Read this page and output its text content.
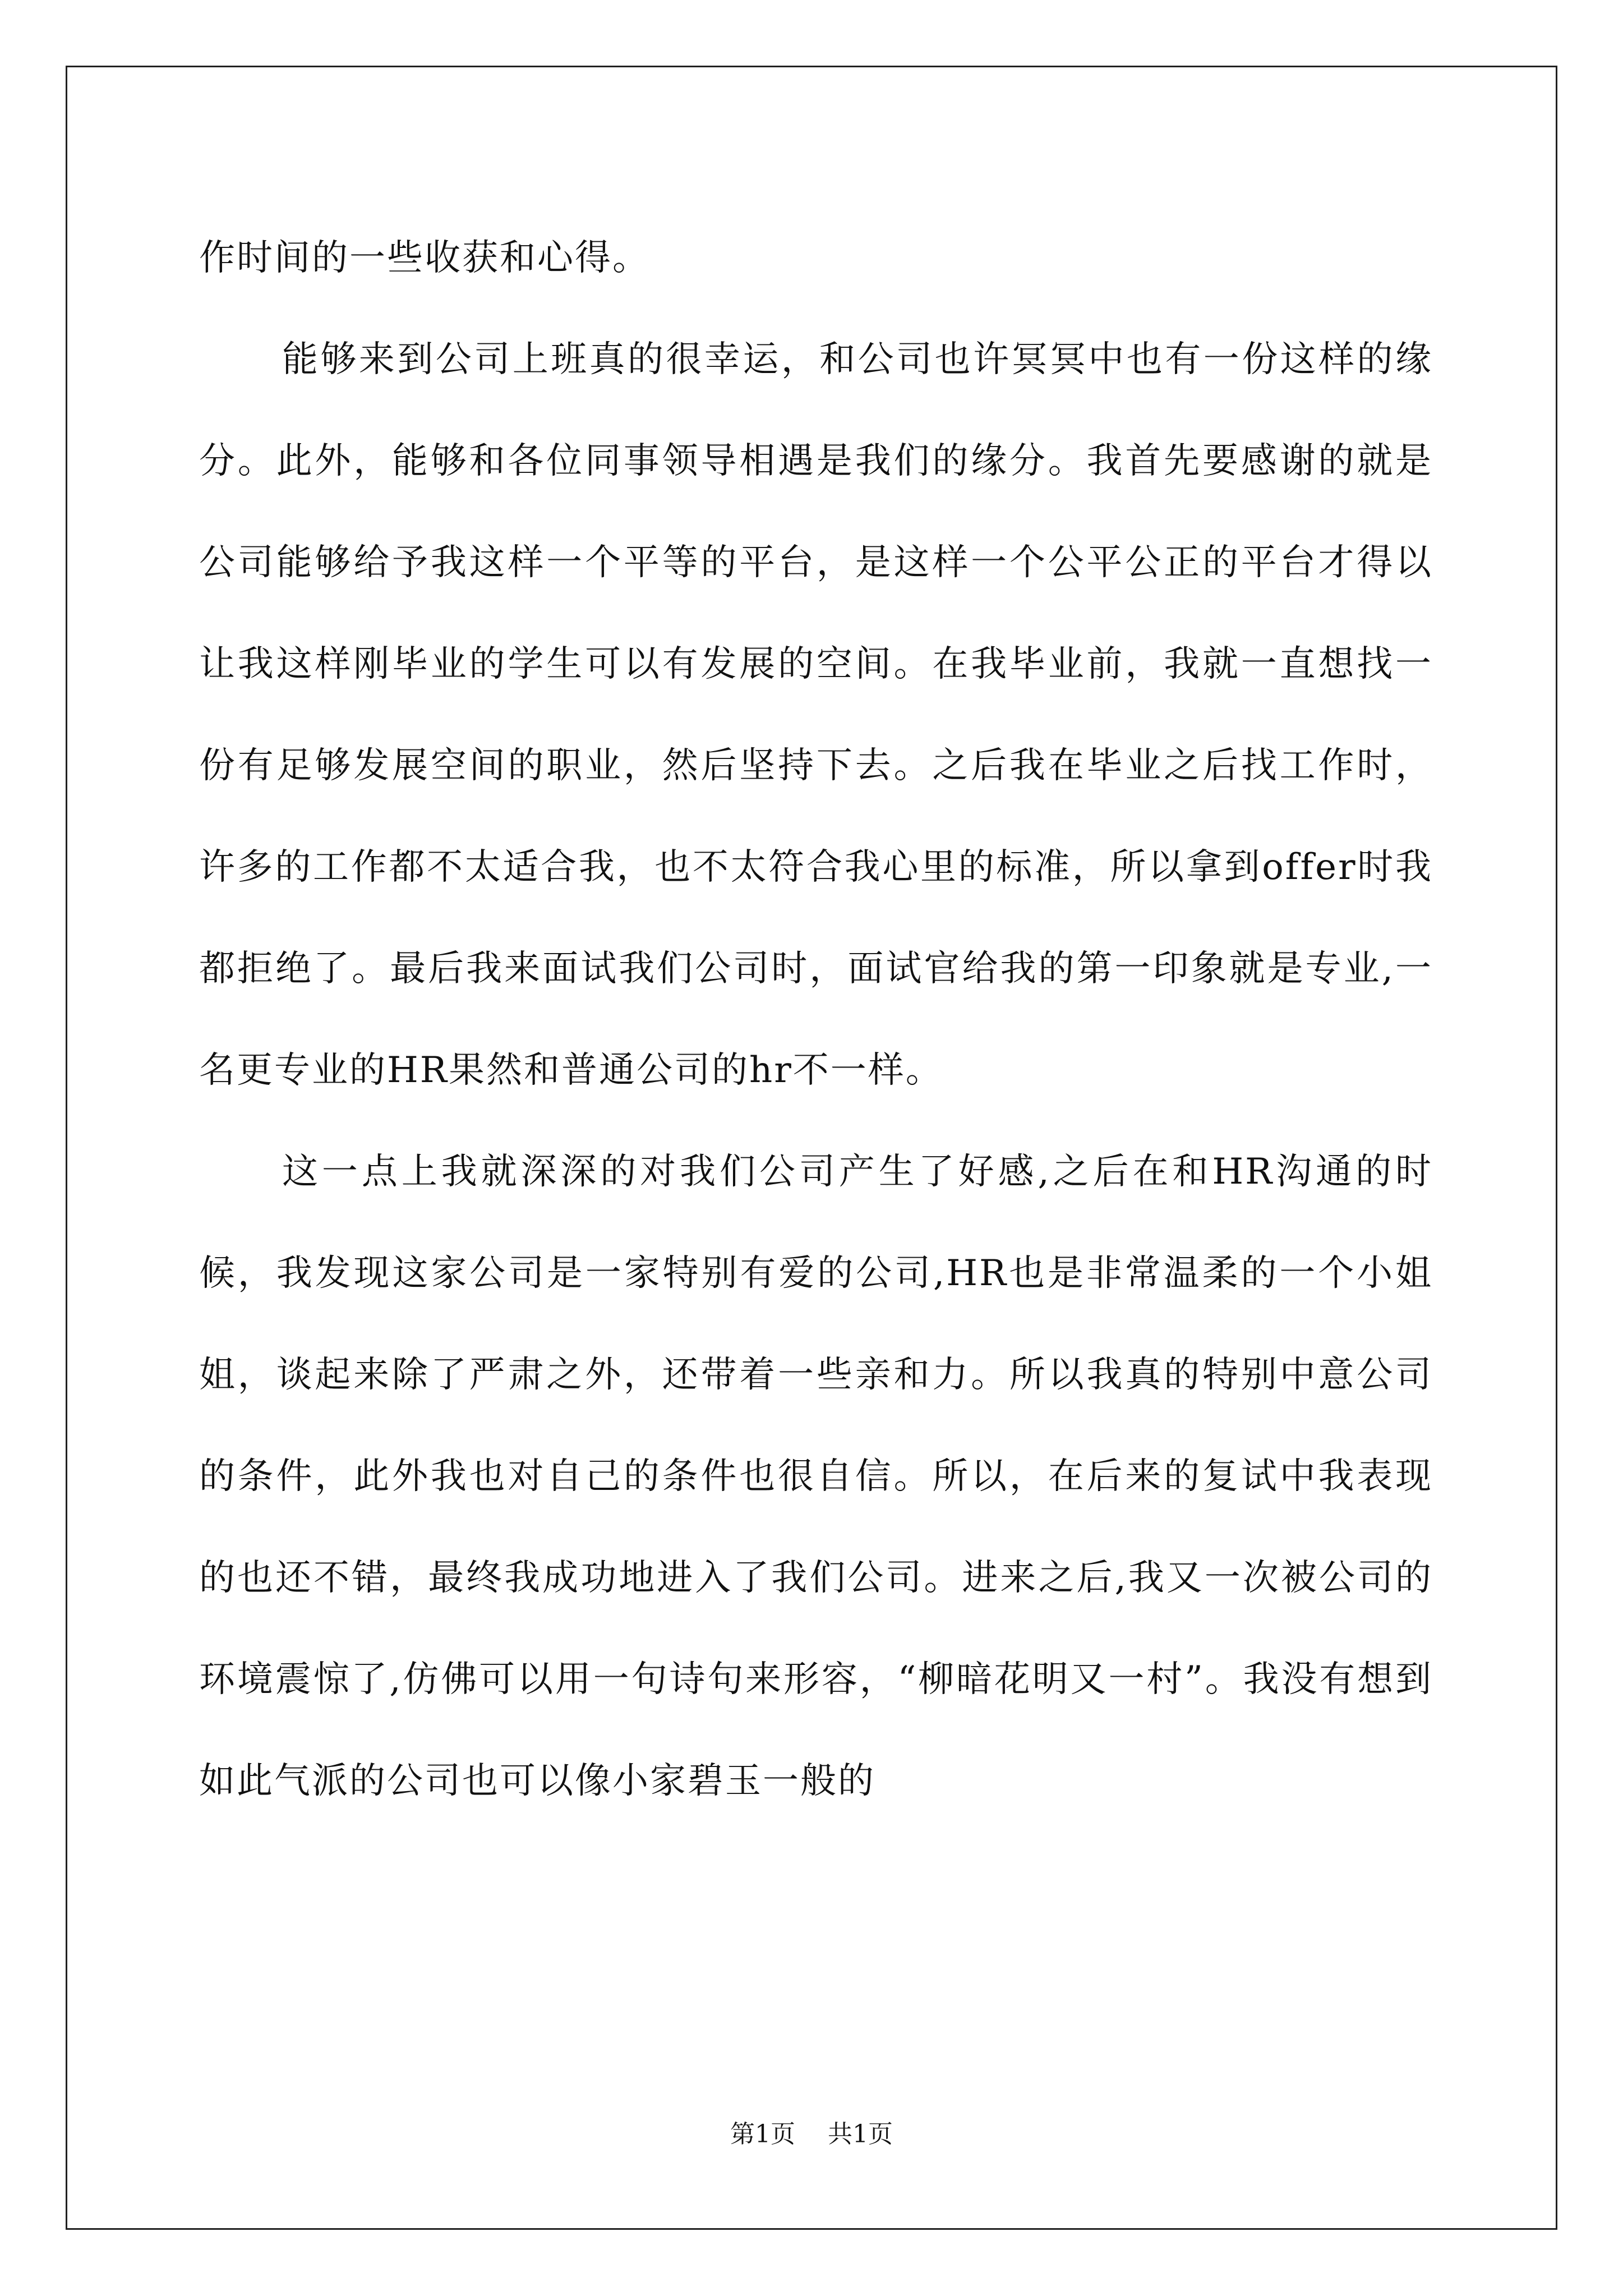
作时间的一些收获和心得。

能够来到公司上班真的很幸运，和公司也许冥冥中也有一份这样的缘分。此外，能够和各位同事领导相遇是我们的缘分。我首先要感谢的就是公司能够给予我这样一个平等的平台，是这样一个公平公正的平台才得以让我这样刚毕业的学生可以有发展的空间。在我毕业前，我就一直想找一份有足够发展空间的职业，然后坚持下去。之后我在毕业之后找工作时，许多的工作都不太适合我，也不太符合我心里的标准，所以拿到offer时我都拒绝了。最后我来面试我们公司时，面试官给我的第一印象就是专业,一名更专业的HR果然和普通公司的hr不一样。

这一点上我就深深的对我们公司产生了好感,之后在和HR沟通的时候，我发现这家公司是一家特别有爱的公司,HR也是非常温柔的一个小姐姐，谈起来除了严肃之外，还带着一些亲和力。所以我真的特别中意公司的条件，此外我也对自己的条件也很自信。所以，在后来的复试中我表现的也还不错，最终我成功地进入了我们公司。进来之后,我又一次被公司的环境震惊了,仿佛可以用一句诗句来形容，“柳暗花明又一村”。我没有想到如此气派的公司也可以像小家碧玉一般的

第1页 共1页
